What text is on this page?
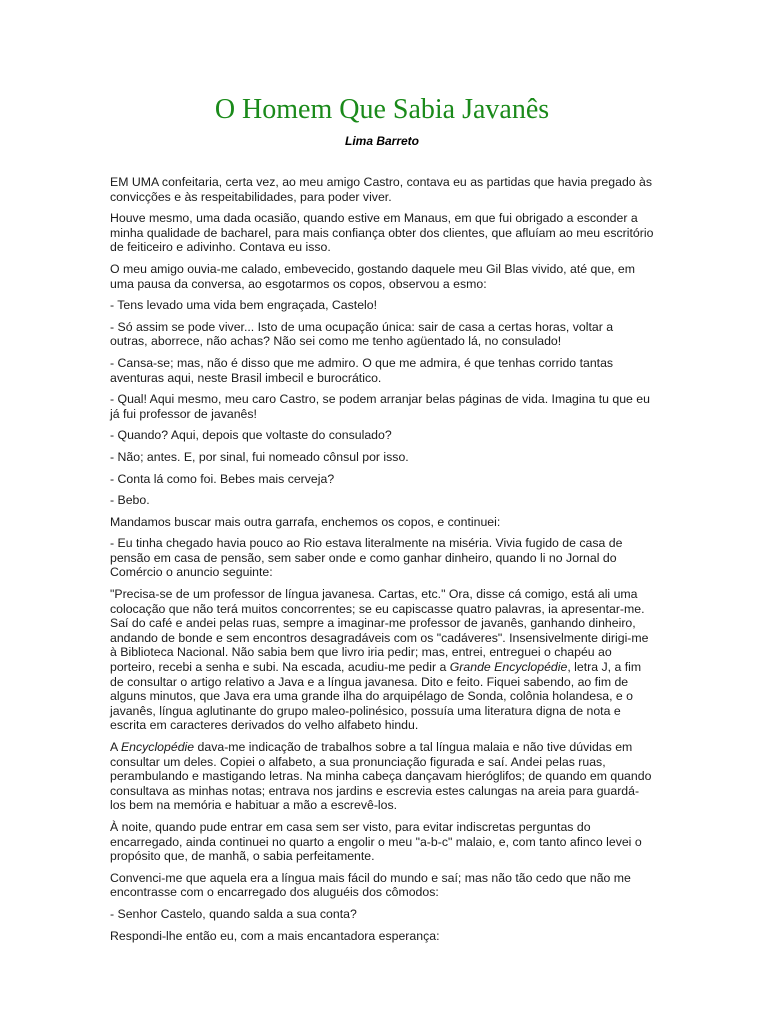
O Homem Que Sabia Javanês
Lima Barreto

EM UMA confeitaria, certa vez, ao meu amigo Castro, contava eu as partidas que havia pregado às convicções e às respeitabilidades, para poder viver.

Houve mesmo, uma dada ocasião, quando estive em Manaus, em que fui obrigado a esconder a minha qualidade de bacharel, para mais confiança obter dos clientes, que afluíam ao meu escritório de feiticeiro e adivinho. Contava eu isso.

O meu amigo ouvia-me calado, embevecido, gostando daquele meu Gil Blas vivido, até que, em uma pausa da conversa, ao esgotarmos os copos, observou a esmo:

- Tens levado uma vida bem engraçada, Castelo!

- Só assim se pode viver... Isto de uma ocupação única: sair de casa a certas horas, voltar a outras, aborrece, não achas? Não sei como me tenho agüentado lá, no consulado!

- Cansa-se; mas, não é disso que me admiro. O que me admira, é que tenhas corrido tantas aventuras aqui, neste Brasil imbecil e burocrático.

- Qual! Aqui mesmo, meu caro Castro, se podem arranjar belas páginas de vida. Imagina tu que eu já fui professor de javanês!

- Quando? Aqui, depois que voltaste do consulado?

- Não; antes. E, por sinal, fui nomeado cônsul por isso.

- Conta lá como foi. Bebes mais cerveja?

- Bebo.

Mandamos buscar mais outra garrafa, enchemos os copos, e continuei:

- Eu tinha chegado havia pouco ao Rio estava literalmente na miséria. Vivia fugido de casa de pensão em casa de pensão, sem saber onde e como ganhar dinheiro, quando li no Jornal do Comércio o anuncio seguinte:

"Precisa-se de um professor de língua javanesa. Cartas, etc." Ora, disse cá comigo, está ali uma colocação que não terá muitos concorrentes; se eu capiscasse quatro palavras, ia apresentar-me. Saí do café e andei pelas ruas, sempre a imaginar-me professor de javanês, ganhando dinheiro, andando de bonde e sem encontros desagradáveis com os "cadáveres". Insensivelmente dirigi-me à Biblioteca Nacional. Não sabia bem que livro iria pedir; mas, entrei, entreguei o chapéu ao porteiro, recebi a senha e subi. Na escada, acudiu-me pedir a Grande Encyclopédie, letra J, a fim de consultar o artigo relativo a Java e a língua javanesa. Dito e feito. Fiquei sabendo, ao fim de alguns minutos, que Java era uma grande ilha do arquipélago de Sonda, colônia holandesa, e o javanês, língua aglutinante do grupo maleo-polinésico, possuía uma literatura digna de nota e escrita em caracteres derivados do velho alfabeto hindu.

A Encyclopédie dava-me indicação de trabalhos sobre a tal língua malaia e não tive dúvidas em consultar um deles. Copiei o alfabeto, a sua pronunciação figurada e saí. Andei pelas ruas, perambulando e mastigando letras. Na minha cabeça dançavam hieróglifos; de quando em quando consultava as minhas notas; entrava nos jardins e escrevia estes calungas na areia para guardá-los bem na memória e habituar a mão a escrevê-los.

À noite, quando pude entrar em casa sem ser visto, para evitar indiscretas perguntas do encarregado, ainda continuei no quarto a engolir o meu "a-b-c" malaio, e, com tanto afinco levei o propósito que, de manhã, o sabia perfeitamente.

Convenci-me que aquela era a língua mais fácil do mundo e saí; mas não tão cedo que não me encontrasse com o encarregado dos aluguéis dos cômodos:

- Senhor Castelo, quando salda a sua conta?

Respondi-lhe então eu, com a mais encantadora esperança:
